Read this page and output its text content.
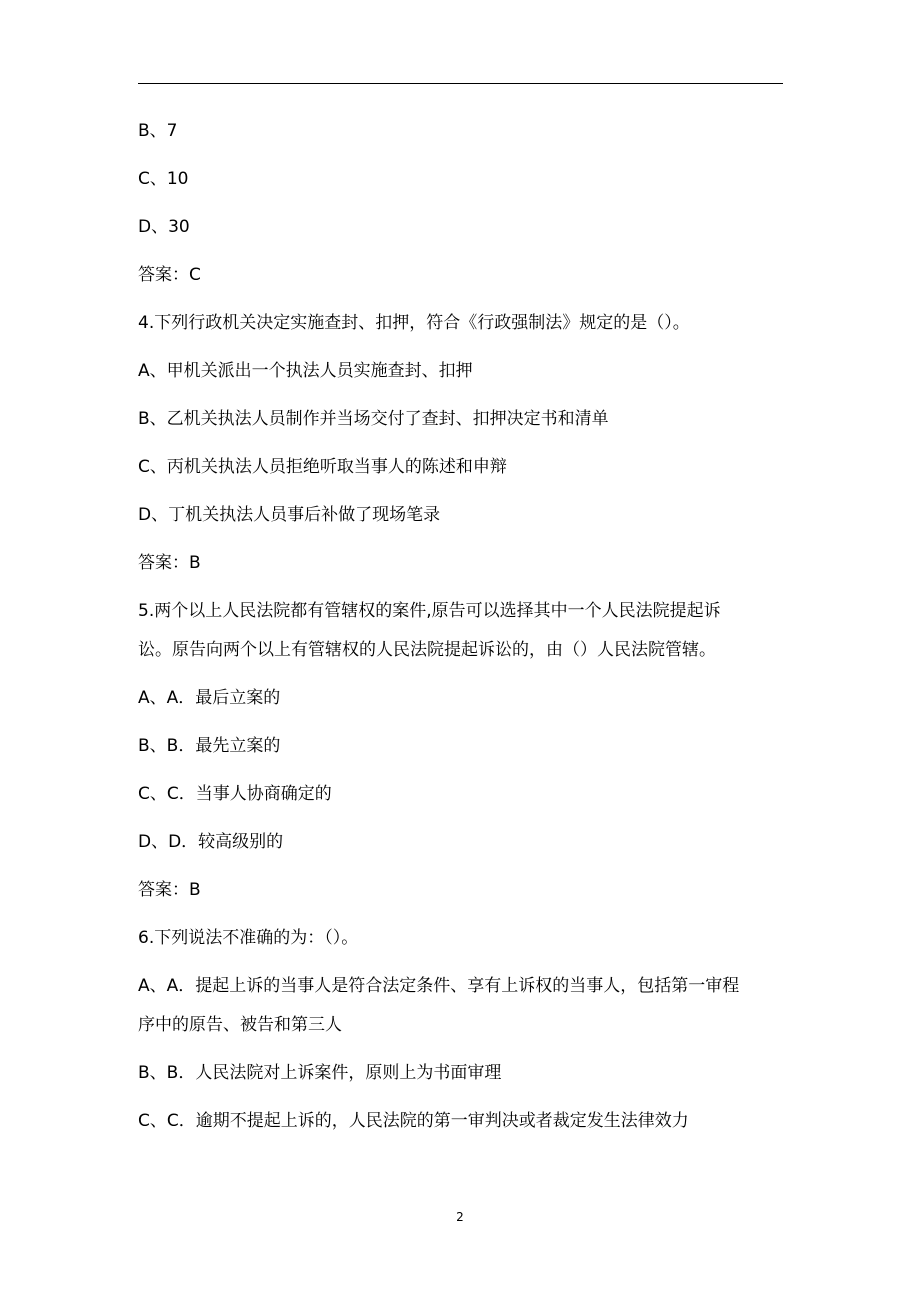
B、7
C、10
D、30
答案：C
4.下列行政机关决定实施查封、扣押，符合《行政强制法》规定的是（）。
A、甲机关派出一个执法人员实施查封、扣押
B、乙机关执法人员制作并当场交付了查封、扣押决定书和清单
C、丙机关执法人员拒绝听取当事人的陈述和申辩
D、丁机关执法人员事后补做了现场笔录
答案：B
5.两个以上人民法院都有管辖权的案件,原告可以选择其中一个人民法院提起诉
讼。原告向两个以上有管辖权的人民法院提起诉讼的，由（）人民法院管辖。
A、A．最后立案的
B、B．最先立案的
C、C．当事人协商确定的
D、D．较高级别的
答案：B
6.下列说法不准确的为：（）。
A、A．提起上诉的当事人是符合法定条件、享有上诉权的当事人，包括第一审程
序中的原告、被告和第三人
B、B．人民法院对上诉案件，原则上为书面审理
C、C．逾期不提起上诉的，人民法院的第一审判决或者裁定发生法律效力
2
